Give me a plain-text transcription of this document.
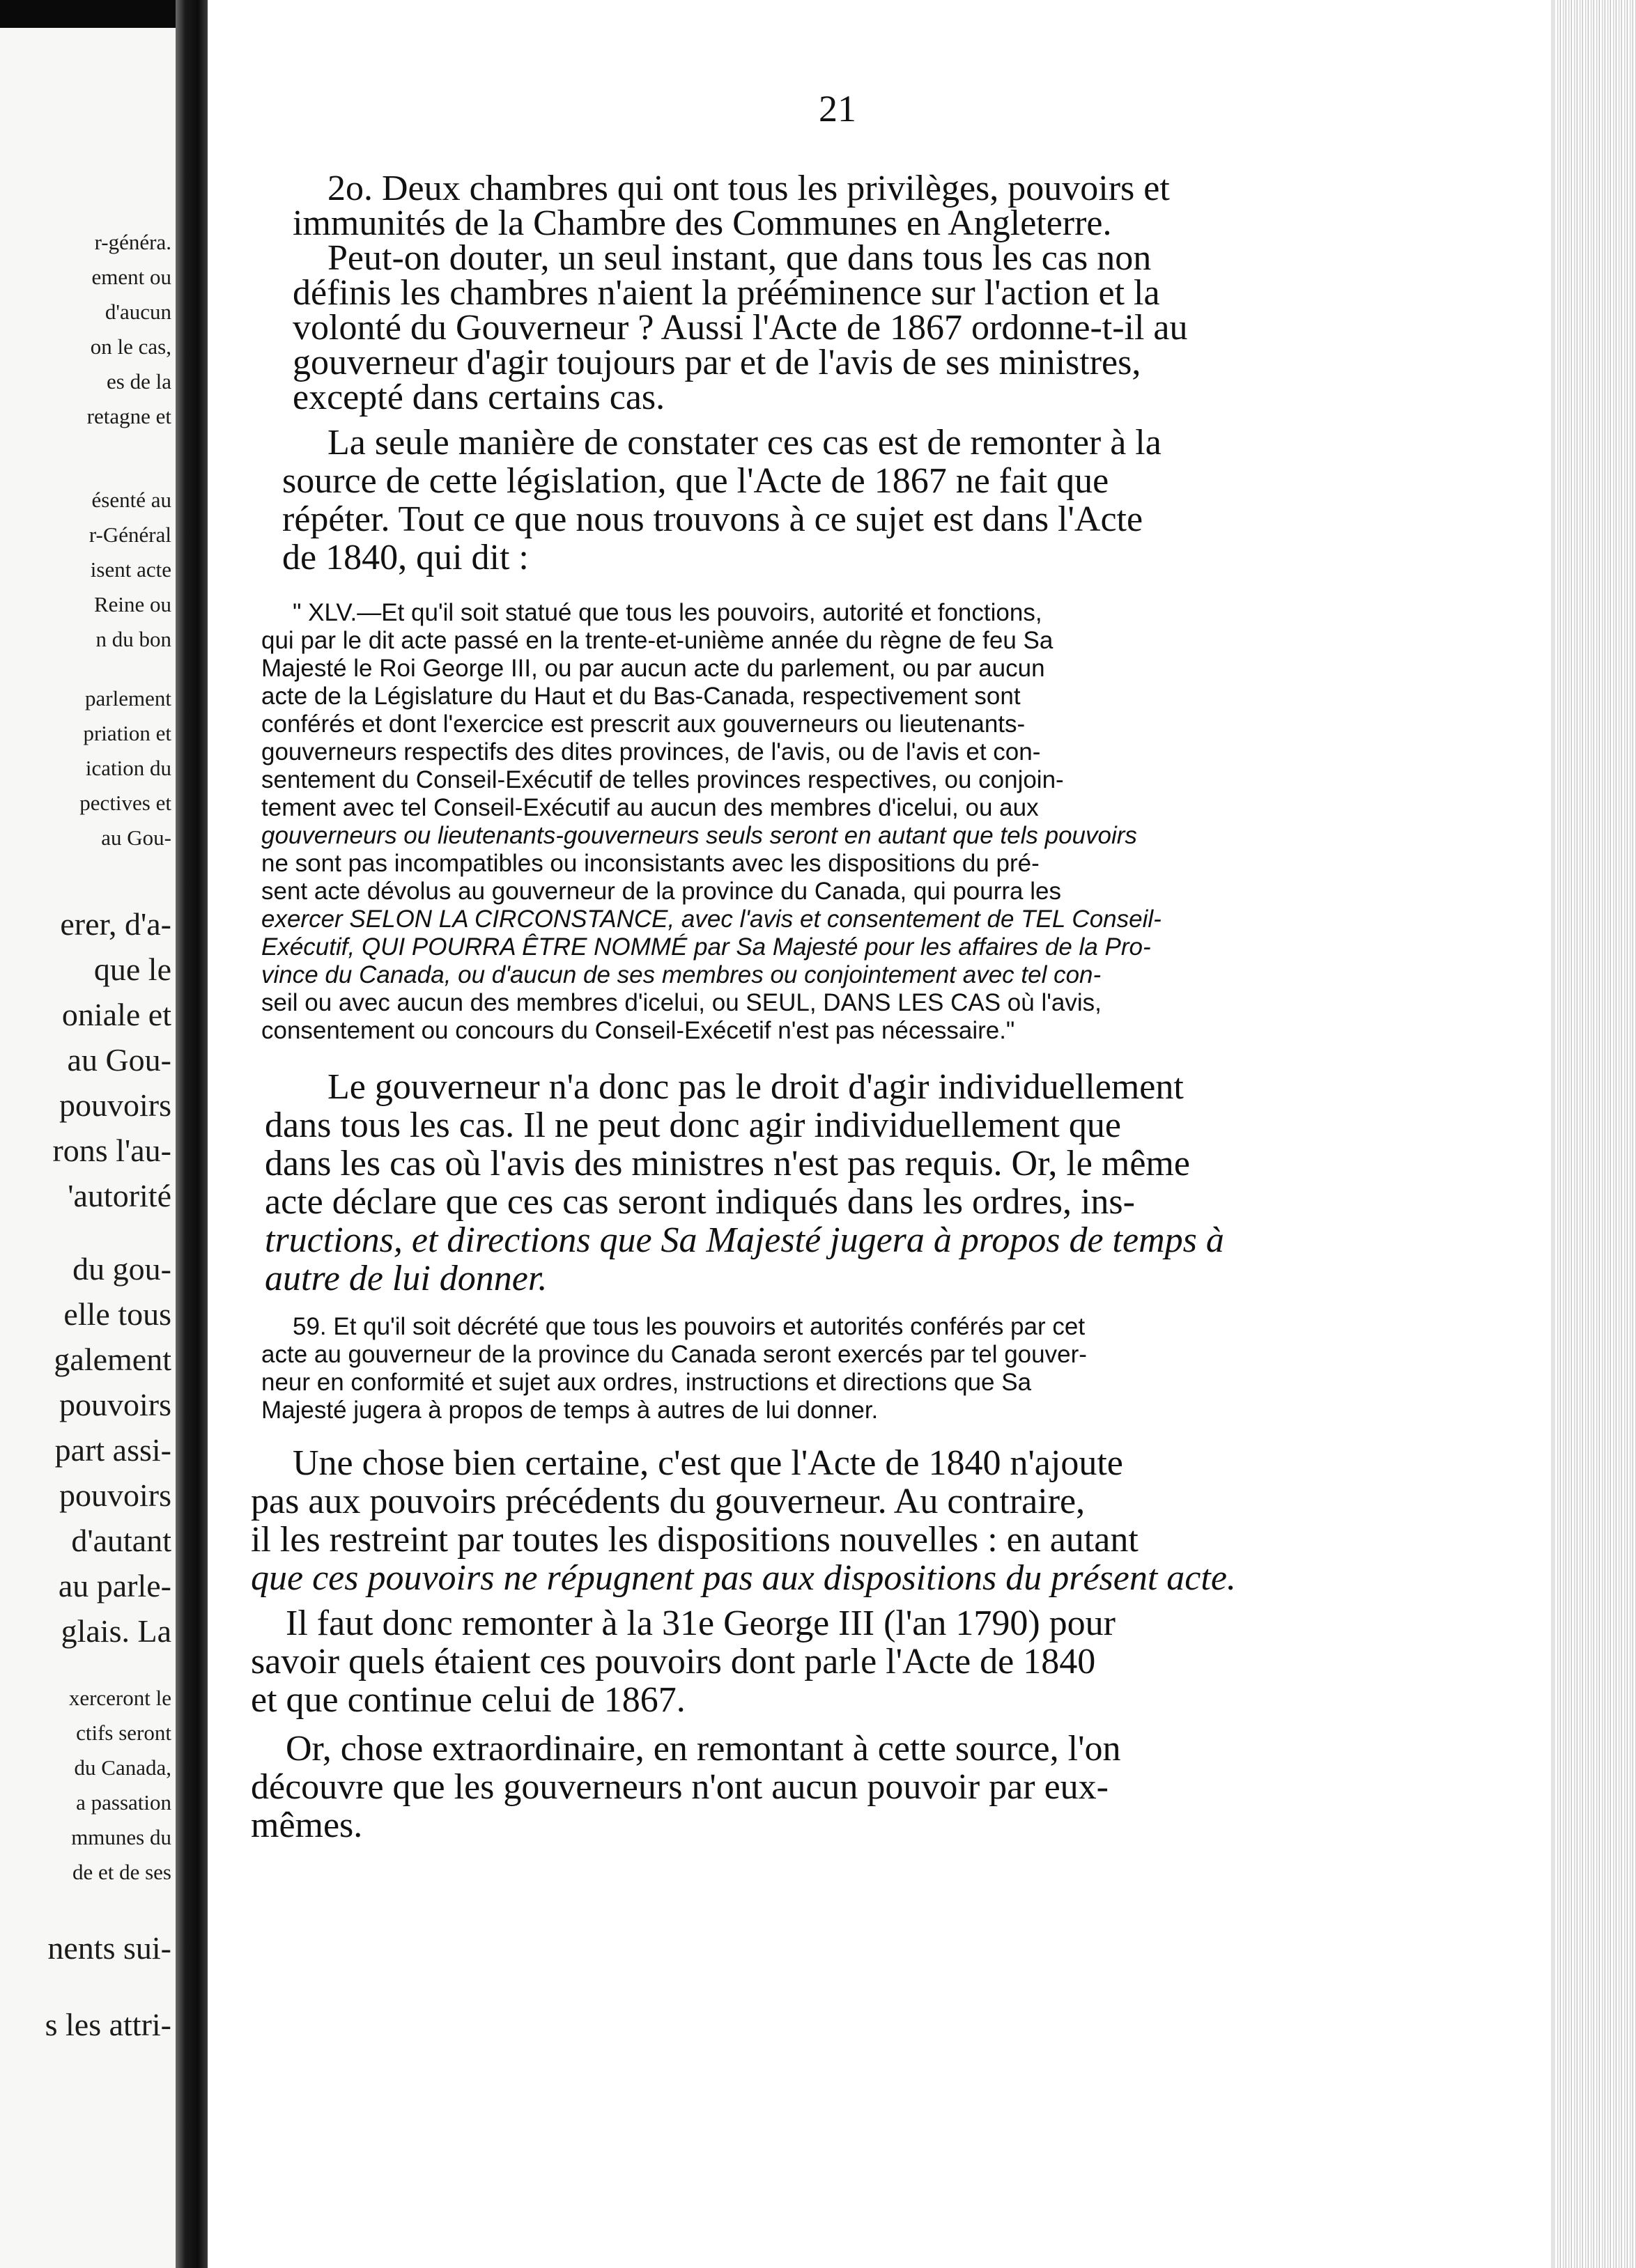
r-généra.
ement ou
d'aucun
on le cas,
es de la
retagne et
ésenté au
r-Général
isent acte
Reine ou
n du bon
parlement
priation et
ication du
pectives et
au Gou-
erer, d'a-
que le
oniale et
au Gou-
pouvoirs
rons l'au-
'autorité
du gou-
elle tous
galement
pouvoirs
part assi-
pouvoirs
d'autant
au parle-
glais. La
xerceront le
ctifs seront
du Canada,
a passation
mmunes du
de et de ses
nents sui-
s les attri-
21
2o. Deux chambres qui ont tous les privilèges, pouvoirs et
immunités de la Chambre des Communes en Angleterre.
Peut-on douter, un seul instant, que dans tous les cas non
définis les chambres n'aient la prééminence sur l'action et la
volonté du Gouverneur ? Aussi l'Acte de 1867 ordonne-t-il au
gouverneur d'agir toujours par et de l'avis de ses ministres,
excepté dans certains cas.
La seule manière de constater ces cas est de remonter à la
source de cette législation, que l'Acte de 1867 ne fait que
répéter. Tout ce que nous trouvons à ce sujet est dans l'Acte
de 1840, qui dit :
" XLV.—Et qu'il soit statué que tous les pouvoirs, autorité et fonctions,
qui par le dit acte passé en la trente-et-unième année du règne de feu Sa
Majesté le Roi George III, ou par aucun acte du parlement, ou par aucun
acte de la Législature du Haut et du Bas-Canada, respectivement sont
conférés et dont l'exercice est prescrit aux gouverneurs ou lieutenants-
gouverneurs respectifs des dites provinces, de l'avis, ou de l'avis et con-
sentement du Conseil-Exécutif de telles provinces respectives, ou conjoin-
tement avec tel Conseil-Exécutif au aucun des membres d'icelui, ou aux
gouverneurs ou lieutenants-gouverneurs seuls seront en autant que tels pouvoirs
ne sont pas incompatibles ou inconsistants avec les dispositions du pré-
sent acte dévolus au gouverneur de la province du Canada, qui pourra les
exercer SELON LA CIRCONSTANCE, avec l'avis et consentement de TEL Conseil-
Exécutif, QUI POURRA ÊTRE NOMMÉ par Sa Majesté pour les affaires de la Pro-
vince du Canada, ou d'aucun de ses membres ou conjointement avec tel con-
seil ou avec aucun des membres d'icelui, ou SEUL, DANS LES CAS où l'avis,
consentement ou concours du Conseil-Exécetif n'est pas nécessaire."
Le gouverneur n'a donc pas le droit d'agir individuellement
dans tous les cas. Il ne peut donc agir individuellement que
dans les cas où l'avis des ministres n'est pas requis. Or, le même
acte déclare que ces cas seront indiqués dans les ordres, ins-
tructions, et directions que Sa Majesté jugera à propos de temps à
autre de lui donner.
59. Et qu'il soit décrété que tous les pouvoirs et autorités conférés par cet
acte au gouverneur de la province du Canada seront exercés par tel gouver-
neur en conformité et sujet aux ordres, instructions et directions que Sa
Majesté jugera à propos de temps à autres de lui donner.
Une chose bien certaine, c'est que l'Acte de 1840 n'ajoute
pas aux pouvoirs précédents du gouverneur. Au contraire,
il les restreint par toutes les dispositions nouvelles : en autant
que ces pouvoirs ne répugnent pas aux dispositions du présent acte.
Il faut donc remonter à la 31e George III (l'an 1790) pour
savoir quels étaient ces pouvoirs dont parle l'Acte de 1840
et que continue celui de 1867.
Or, chose extraordinaire, en remontant à cette source, l'on
découvre que les gouverneurs n'ont aucun pouvoir par eux-
mêmes.
